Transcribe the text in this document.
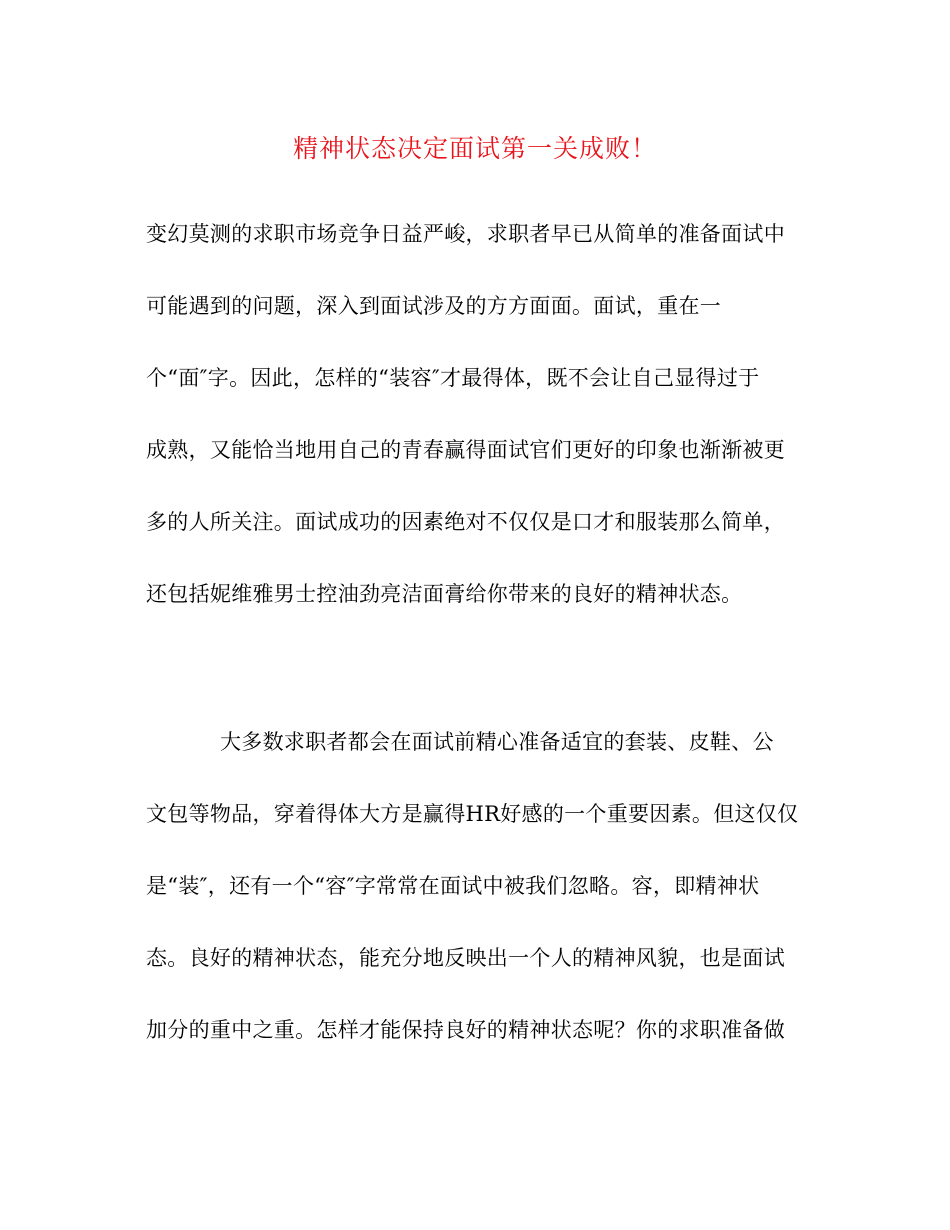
精神状态决定面试第一关成败！
变幻莫测的求职市场竞争日益严峻，求职者早已从简单的准备面试中
可能遇到的问题，深入到面试涉及的方方面面。面试，重在一
个“面″字。因此，怎样的“装容″才最得体，既不会让自己显得过于
成熟，又能恰当地用自己的青春赢得面试官们更好的印象也渐渐被更
多的人所关注。面试成功的因素绝对不仅仅是口才和服装那么简单，
还包括妮维雅男士控油劲亮洁面膏给你带来的良好的精神状态。
大多数求职者都会在面试前精心准备适宜的套装、皮鞋、公
文包等物品，穿着得体大方是赢得HR好感的一个重要因素。但这仅仅
是“装″，还有一个“容″字常常在面试中被我们忽略。容，即精神状
态。良好的精神状态，能充分地反映出一个人的精神风貌，也是面试
加分的重中之重。怎样才能保持良好的精神状态呢？你的求职准备做
